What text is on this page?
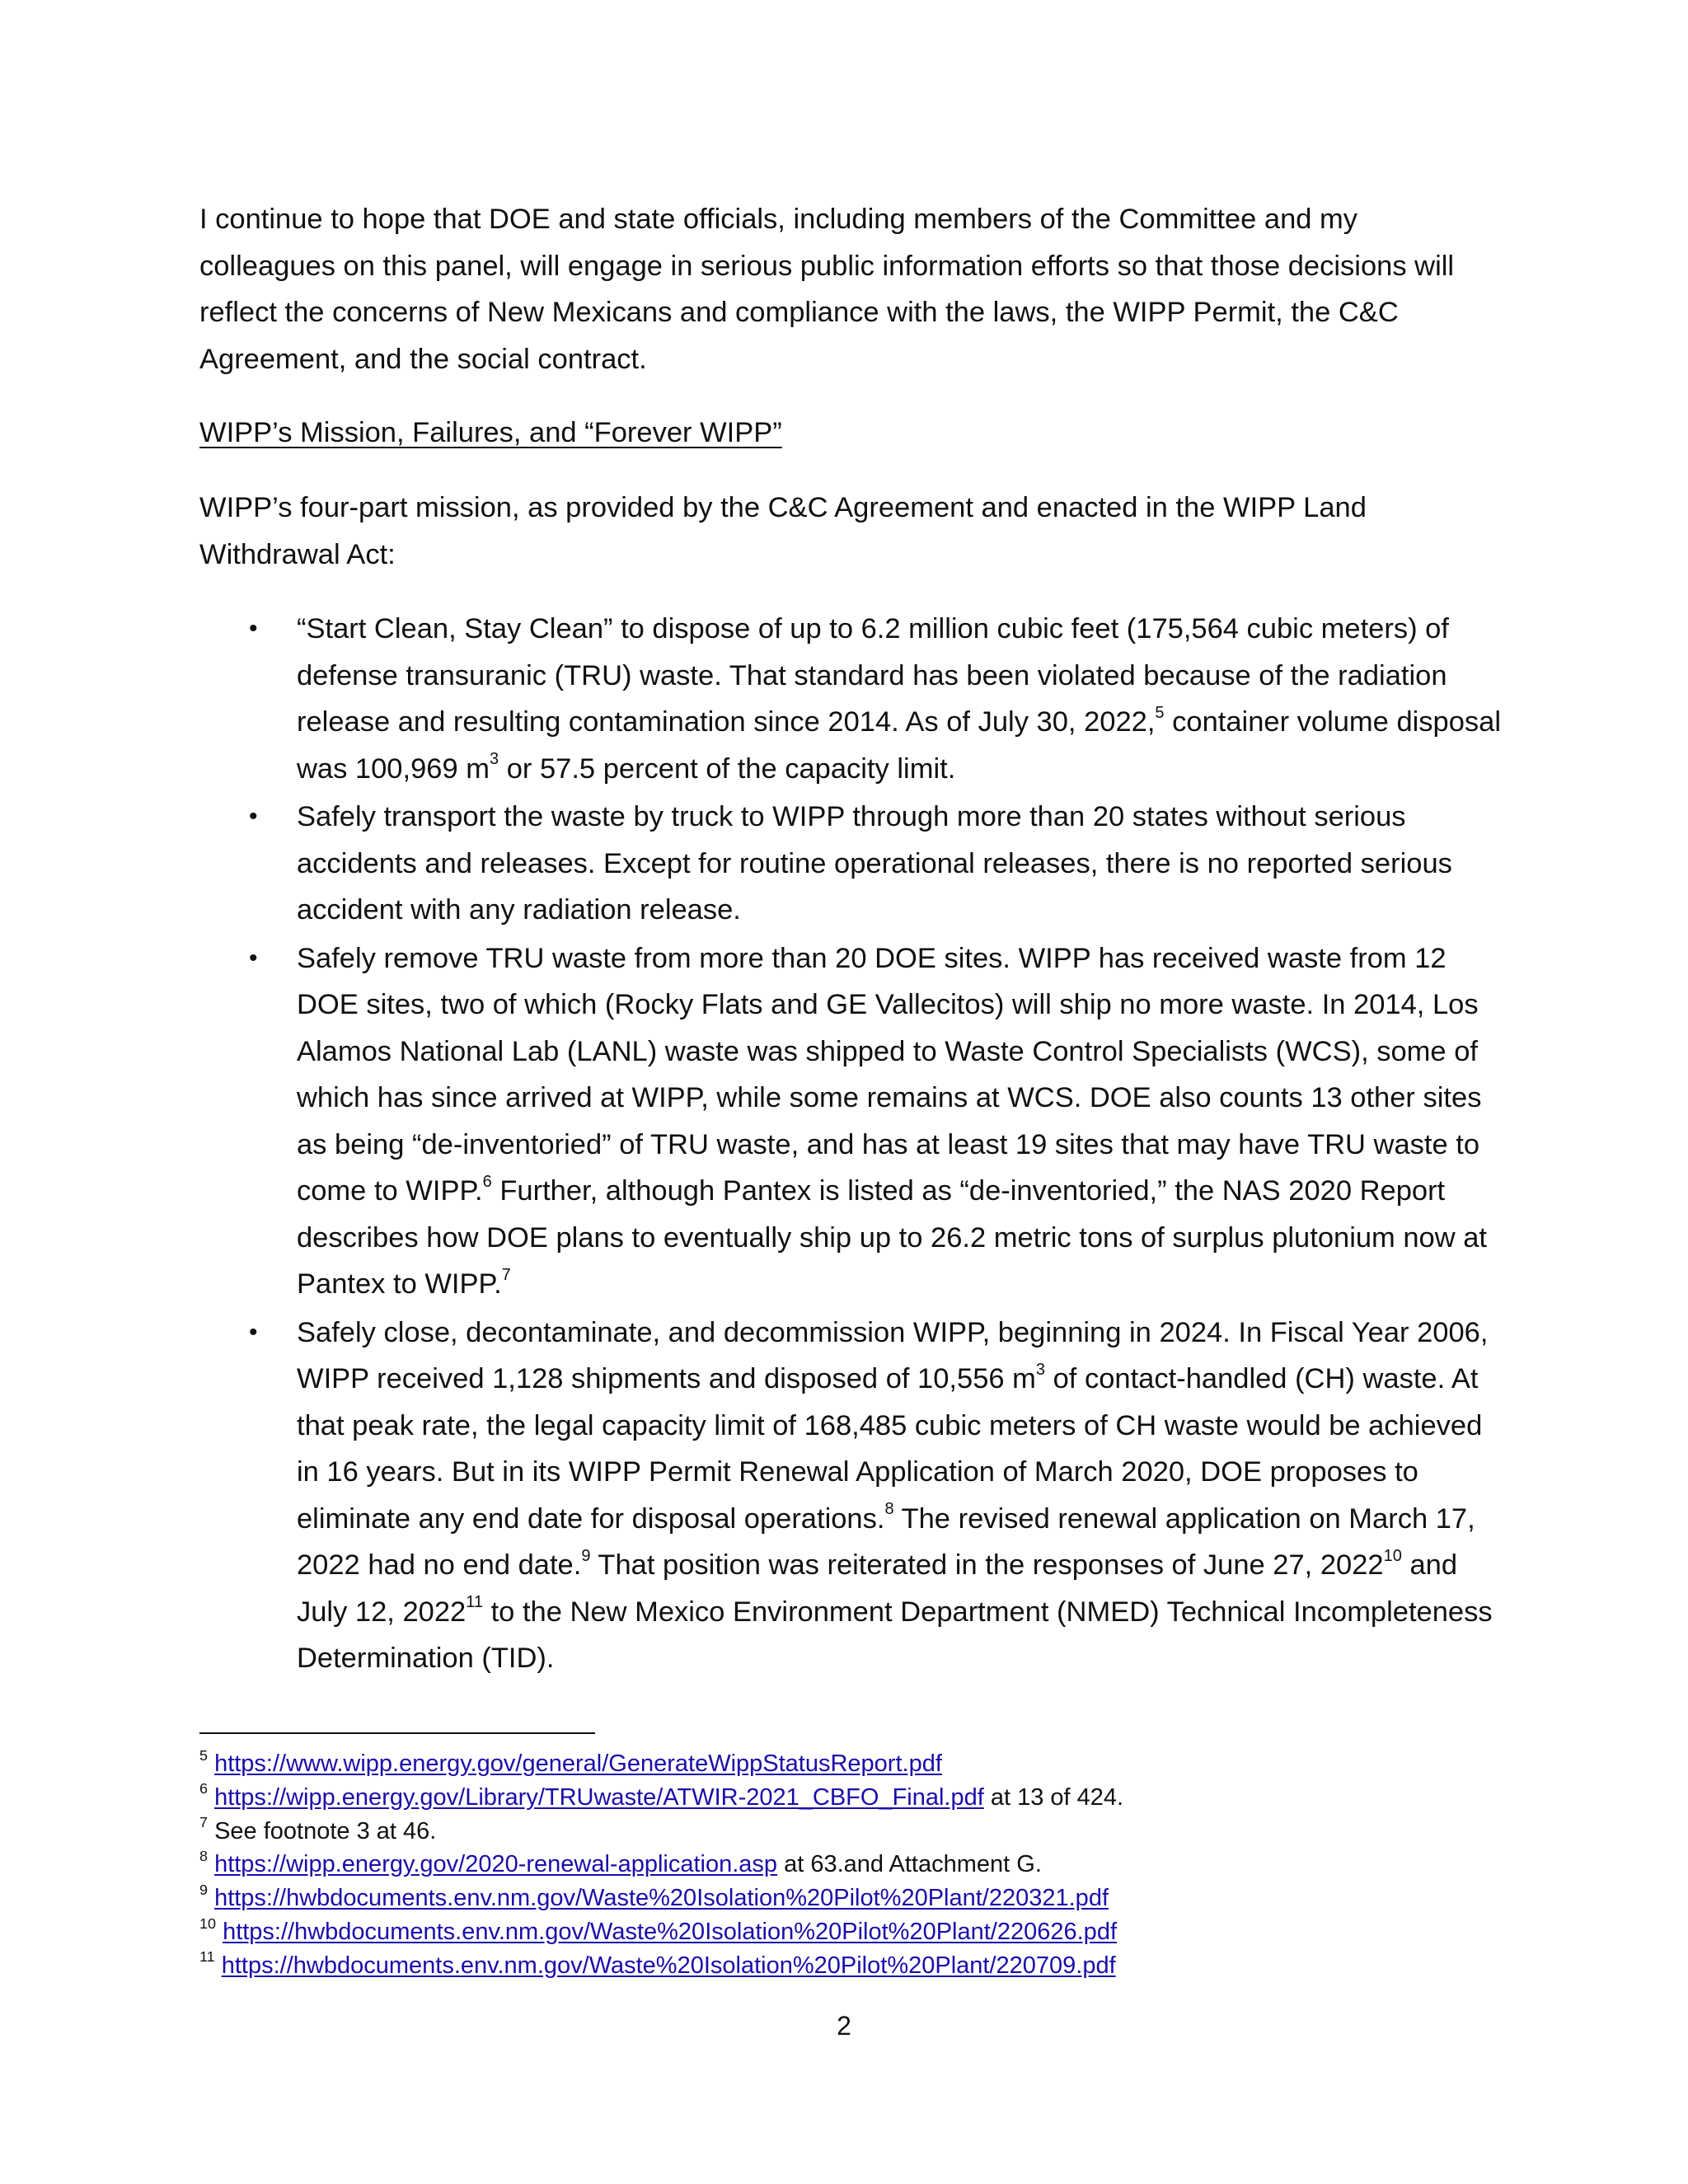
I continue to hope that DOE and state officials, including members of the Committee and my colleagues on this panel, will engage in serious public information efforts so that those decisions will reflect the concerns of New Mexicans and compliance with the laws, the WIPP Permit, the C&C Agreement, and the social contract.

WIPP’s Mission, Failures, and “Forever WIPP”

WIPP’s four-part mission, as provided by the C&C Agreement and enacted in the WIPP Land Withdrawal Act:

• “Start Clean, Stay Clean” to dispose of up to 6.2 million cubic feet (175,564 cubic meters) of defense transuranic (TRU) waste. That standard has been violated because of the radiation release and resulting contamination since 2014. As of July 30, 2022,$^5$ container volume disposal was 100,969 $m^3$ or 57.5 percent of the capacity limit.
• Safely transport the waste by truck to WIPP through more than 20 states without serious accidents and releases. Except for routine operational releases, there is no reported serious accident with any radiation release.
• Safely remove TRU waste from more than 20 DOE sites. WIPP has received waste from 12 DOE sites, two of which (Rocky Flats and GE Vallecitos) will ship no more waste. In 2014, Los Alamos National Lab (LANL) waste was shipped to Waste Control Specialists (WCS), some of which has since arrived at WIPP, while some remains at WCS. DOE also counts 13 other sites as being “de-inventoried” of TRU waste, and has at least 19 sites that may have TRU waste to come to WIPP.$^6$ Further, although Pantex is listed as “de-inventoried,” the NAS 2020 Report describes how DOE plans to eventually ship up to 26.2 metric tons of surplus plutonium now at Pantex to WIPP.$^7$
• Safely close, decontaminate, and decommission WIPP, beginning in 2024. In Fiscal Year 2006, WIPP received 1,128 shipments and disposed of 10,556 $m^3$ of contact-handled (CH) waste. At that peak rate, the legal capacity limit of 168,485 cubic meters of CH waste would be achieved in 16 years. But in its WIPP Permit Renewal Application of March 2020, DOE proposes to eliminate any end date for disposal operations.$^8$ The revised renewal application on March 17, 2022 had no end date.$^9$ That position was reiterated in the responses of June 27, 2022$^{10}$ and July 12, 2022$^{11}$ to the New Mexico Environment Department (NMED) Technical Incompleteness Determination (TID).
$^5$ https://www.wipp.energy.gov/general/GenerateWippStatusReport.pdf
$^6$ https://wipp.energy.gov/Library/TRUwaste/ATWIR-2021_CBFO_Final.pdf at 13 of 424.
$^7$ See footnote 3 at 46.
$^8$ https://wipp.energy.gov/2020-renewal-application.asp at 63.and Attachment G.
$^9$ https://hwbdocuments.env.nm.gov/Waste%20Isolation%20Pilot%20Plant/220321.pdf
$^{10}$ https://hwbdocuments.env.nm.gov/Waste%20Isolation%20Pilot%20Plant/220626.pdf
$^{11}$ https://hwbdocuments.env.nm.gov/Waste%20Isolation%20Pilot%20Plant/220709.pdf
2
